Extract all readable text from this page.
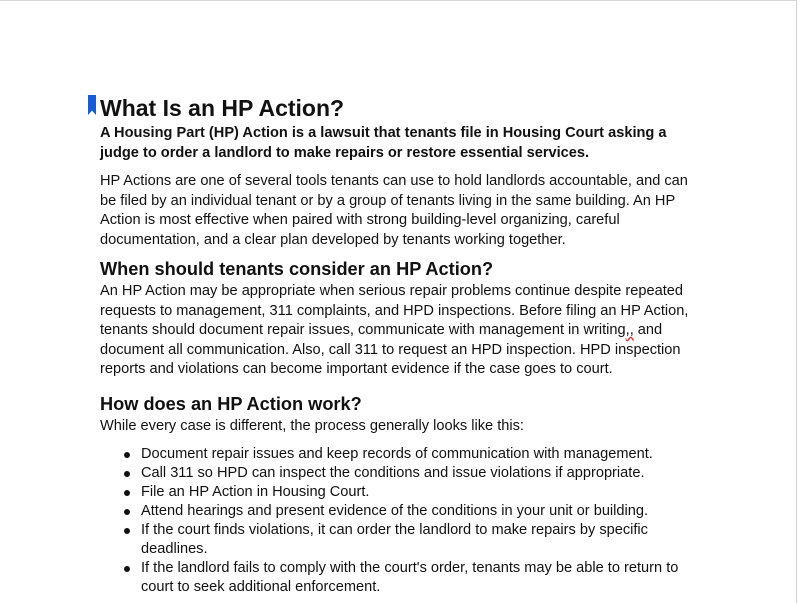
What Is an HP Action?

A Housing Part (HP) Action is a lawsuit that tenants file in Housing Court asking a judge to order a landlord to make repairs or restore essential services.

HP Actions are one of several tools tenants can use to hold landlords accountable, and can be filed by an individual tenant or by a group of tenants living in the same building. An HP Action is most effective when paired with strong building-level organizing, careful documentation, and a clear plan developed by tenants working together.

When should tenants consider an HP Action?

An HP Action may be appropriate when serious repair problems continue despite repeated requests to management, 311 complaints, and HPD inspections. Before filing an HP Action, tenants should document repair issues, communicate with management in writing,, and document all communication. Also, call 311 to request an HPD inspection. HPD inspection reports and violations can become important evidence if the case goes to court.

How does an HP Action work?

While every case is different, the process generally looks like this:

Document repair issues and keep records of communication with management.
Call 311 so HPD can inspect the conditions and issue violations if appropriate.
File an HP Action in Housing Court.
Attend hearings and present evidence of the conditions in your unit or building.
If the court finds violations, it can order the landlord to make repairs by specific deadlines.
If the landlord fails to comply with the court's order, tenants may be able to return to court to seek additional enforcement.
